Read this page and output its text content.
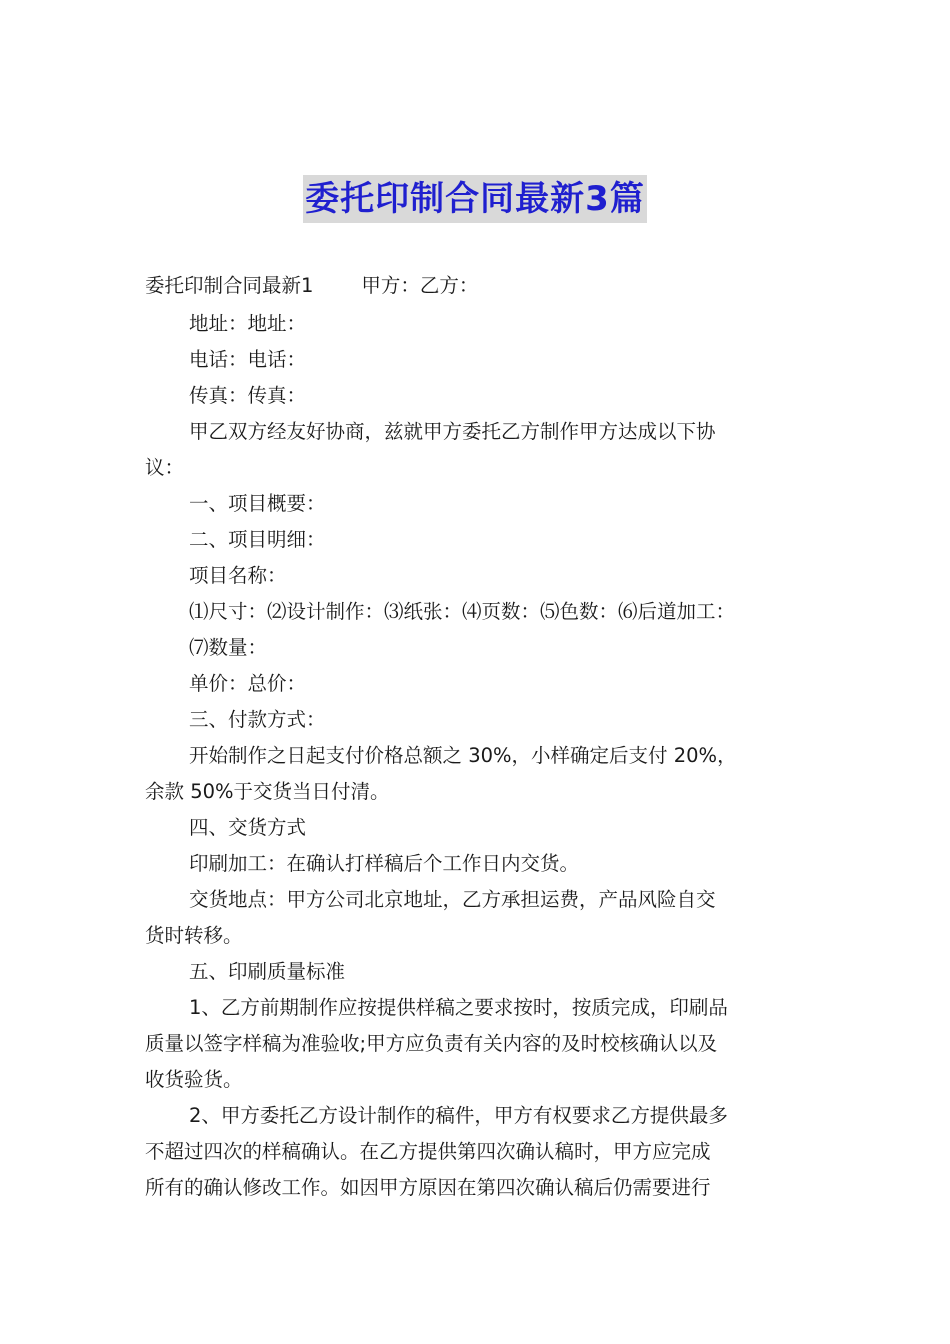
委托印制合同最新3篇
委托印制合同最新1 甲方：乙方：
地址：地址：
电话：电话：
传真：传真：
甲乙双方经友好协商，兹就甲方委托乙方制作甲方达成以下协
议：
一、项目概要：
二、项目明细：
项目名称：
⑴尺寸：⑵设计制作：⑶纸张：⑷页数：⑸色数：⑹后道加工：
⑺数量：
单价：总价：
三、付款方式：
开始制作之日起支付价格总额之 30%，小样确定后支付 20%，
余款 50%于交货当日付清。
四、交货方式
印刷加工：在确认打样稿后个工作日内交货。
交货地点：甲方公司北京地址，乙方承担运费，产品风险自交
货时转移。
五、印刷质量标准
1、乙方前期制作应按提供样稿之要求按时，按质完成，印刷品
质量以签字样稿为准验收;甲方应负责有关内容的及时校核确认以及
收货验货。
2、甲方委托乙方设计制作的稿件，甲方有权要求乙方提供最多
不超过四次的样稿确认。在乙方提供第四次确认稿时，甲方应完成
所有的确认修改工作。如因甲方原因在第四次确认稿后仍需要进行
